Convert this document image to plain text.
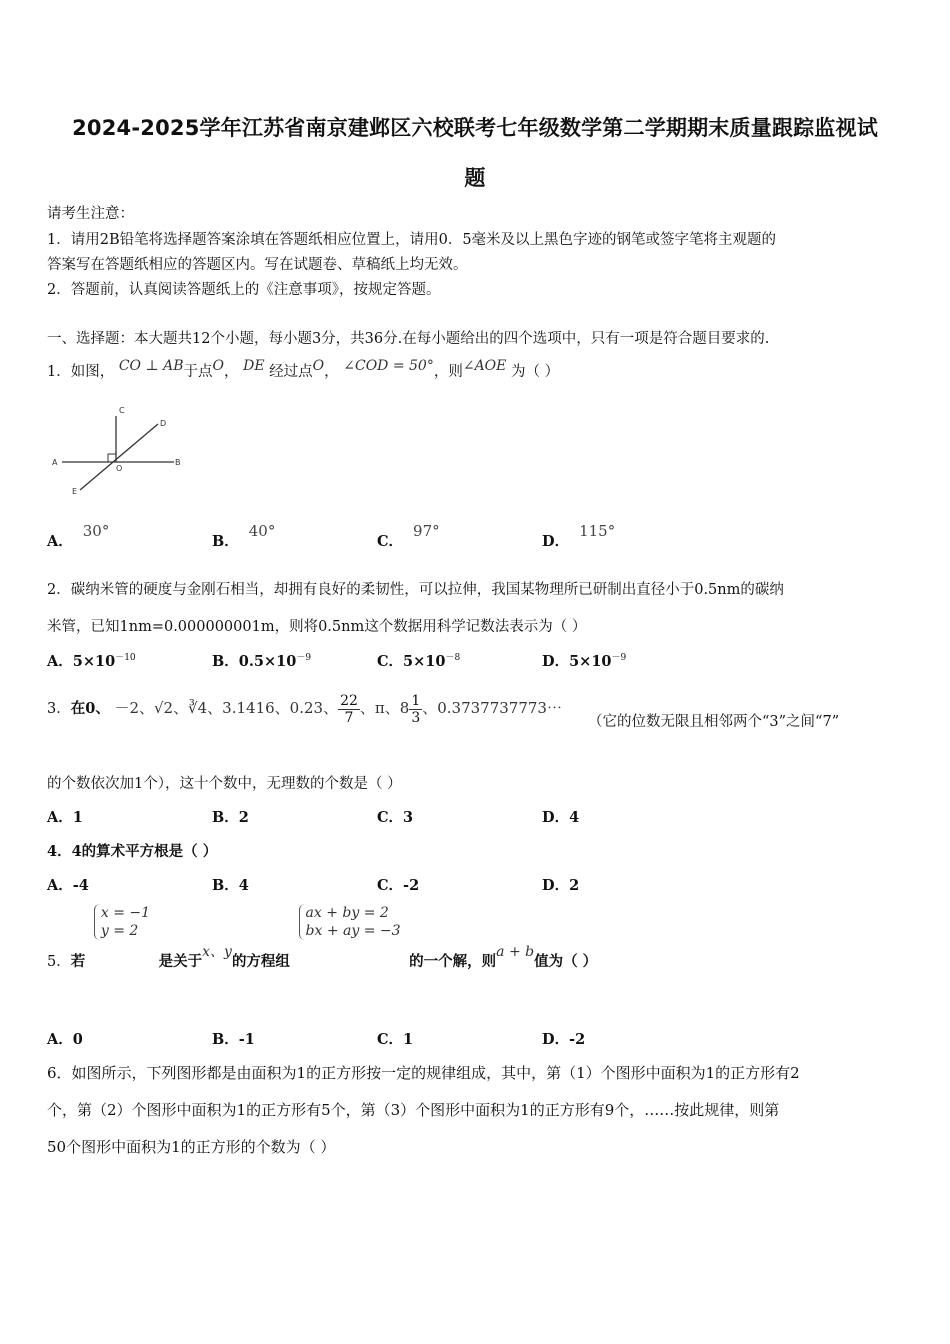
2024-2025学年江苏省南京建邺区六校联考七年级数学第二学期期末质量跟踪监视试
题
请考生注意：
1．请用2B铅笔将选择题答案涂填在答题纸相应位置上，请用0．5毫米及以上黑色字迹的钢笔或签字笔将主观题的
答案写在答题纸相应的答题区内。写在试题卷、草稿纸上均无效。
2．答题前，认真阅读答题纸上的《注意事项》，按规定答题。
一、选择题：本大题共12个小题，每小题3分，共36分.在每小题给出的四个选项中，只有一项是符合题目要求的.
1．如图， CO ⊥ AB于点O， DE 经过点O， ∠COD = 50°，则∠AOE 为（ ）
C
D
A	B
O
E
A．30°
B．40°
C．97°
D．115°
2．碳纳米管的硬度与金刚石相当，却拥有良好的柔韧性，可以拉伸，我国某物理所已研制出直径小于0.5nm的碳纳
米管，已知1nm=0.000000001m，则将0.5nm这个数据用科学记数法表示为（ ）
A．$5\times 10^{-10}$	B．$0.5\times 10^{-9}$	C．$5\times 10^{-8}$	D．$5\times 10^{-9}$
3．在0、 －2、√2、∛4、3.1416、0.23、 $\frac{22}{7}$ 、π、$8 \frac{1}{3}$ 、0.3737737773⋯
（它的位数无限且相邻两个“3”之间“7”
的个数依次加1个），这十个数中，无理数的个数是（ ）
A．1	B．2	C．3	D．4
4．4的算术平方根是（ ）
A．-4	B．4	C．-2	D．2
5．若 x = −1
y = 2 是关于x、y的方程组 ax + by = 2
bx + ay = −3 的一个解，则a + b值为（ ）
A．0	B．-1	C．1	D．-2
6．如图所示，下列图形都是由面积为1的正方形按一定的规律组成，其中，第（1）个图形中面积为1的正方形有2
个，第（2）个图形中面积为1的正方形有5个，第（3）个图形中面积为1的正方形有9个，……按此规律，则第
50个图形中面积为1的正方形的个数为（ ）
